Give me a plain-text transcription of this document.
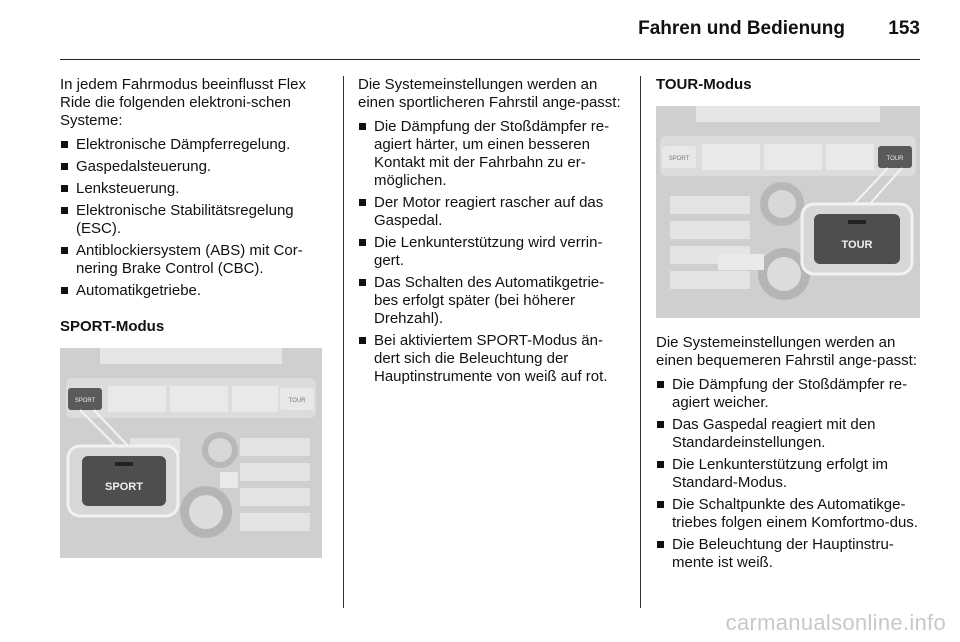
Fahren und Bedienung 153

In jedem Fahrmodus beeinflusst Flex Ride die folgenden elektroni-schen Systeme:

Elektronische Dämpferregelung.
Gaspedalsteuerung.
Lenksteuerung.
Elektronische Stabilitätsregelung (ESC).
Antiblockiersystem (ABS) mit Cor-nering Brake Control (CBC).
Automatikgetriebe.
SPORT-Modus
SPORT	TOUR
SPORT

Die Systemeinstellungen werden an einen sportlicheren Fahrstil ange-passt:

Die Dämpfung der Stoßdämpfer re-agiert härter, um einen besseren Kontakt mit der Fahrbahn zu er-möglichen.
Der Motor reagiert rascher auf das Gaspedal.
Die Lenkunterstützung wird verrin-gert.
Das Schalten des Automatikgetrie-bes erfolgt später (bei höherer Drehzahl).
Bei aktiviertem SPORT-Modus än-dert sich die Beleuchtung der Hauptinstrumente von weiß auf rot.
TOUR-Modus
SPORT	TOUR
TOUR

Die Systemeinstellungen werden an einen bequemeren Fahrstil ange-passt:

Die Dämpfung der Stoßdämpfer re-agiert weicher.
Das Gaspedal reagiert mit den Standardeinstellungen.
Die Lenkunterstützung erfolgt im Standard-Modus.
Die Schaltpunkte des Automatikge-triebes folgen einem Komfortmo-dus.
Die Beleuchtung der Hauptinstru-mente ist weiß.
carmanualsonline.info
